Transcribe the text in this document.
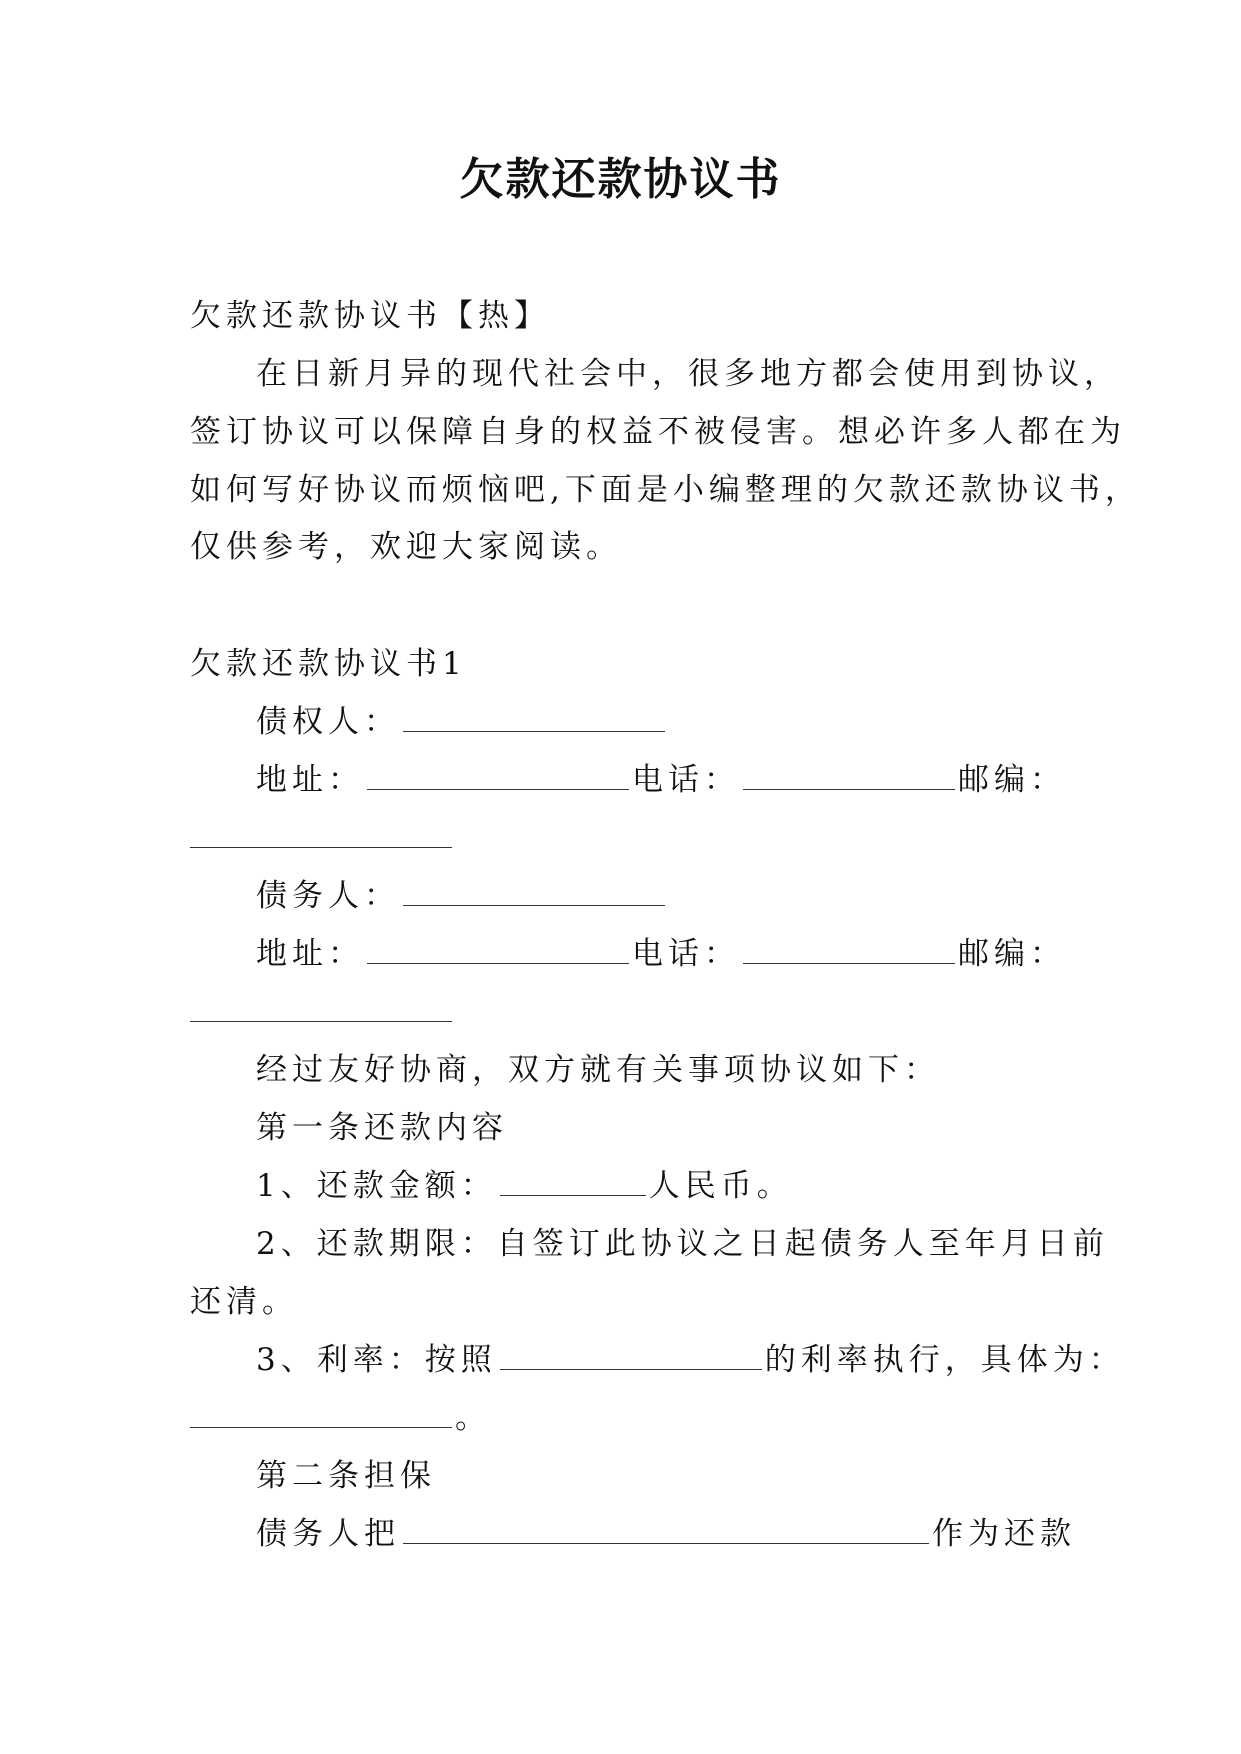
欠款还款协议书
欠款还款协议书【热】
在日新月异的现代社会中，很多地方都会使用到协议，
签订协议可以保障自身的权益不被侵害。想必许多人都在为
如何写好协议而烦恼吧,下面是小编整理的欠款还款协议书，
仅供参考，欢迎大家阅读。
欠款还款协议书1
债权人：
地址：	电话：	邮编：
债务人：
地址：	电话：	邮编：
经过友好协商，双方就有关事项协议如下：
第一条还款内容
1、还款金额：	人民币。
2、还款期限：自签订此协议之日起债务人至年月日前
还清。
3、利率：按照	的利率执行，具体为：
。
第二条担保
债务人把	作为还款
